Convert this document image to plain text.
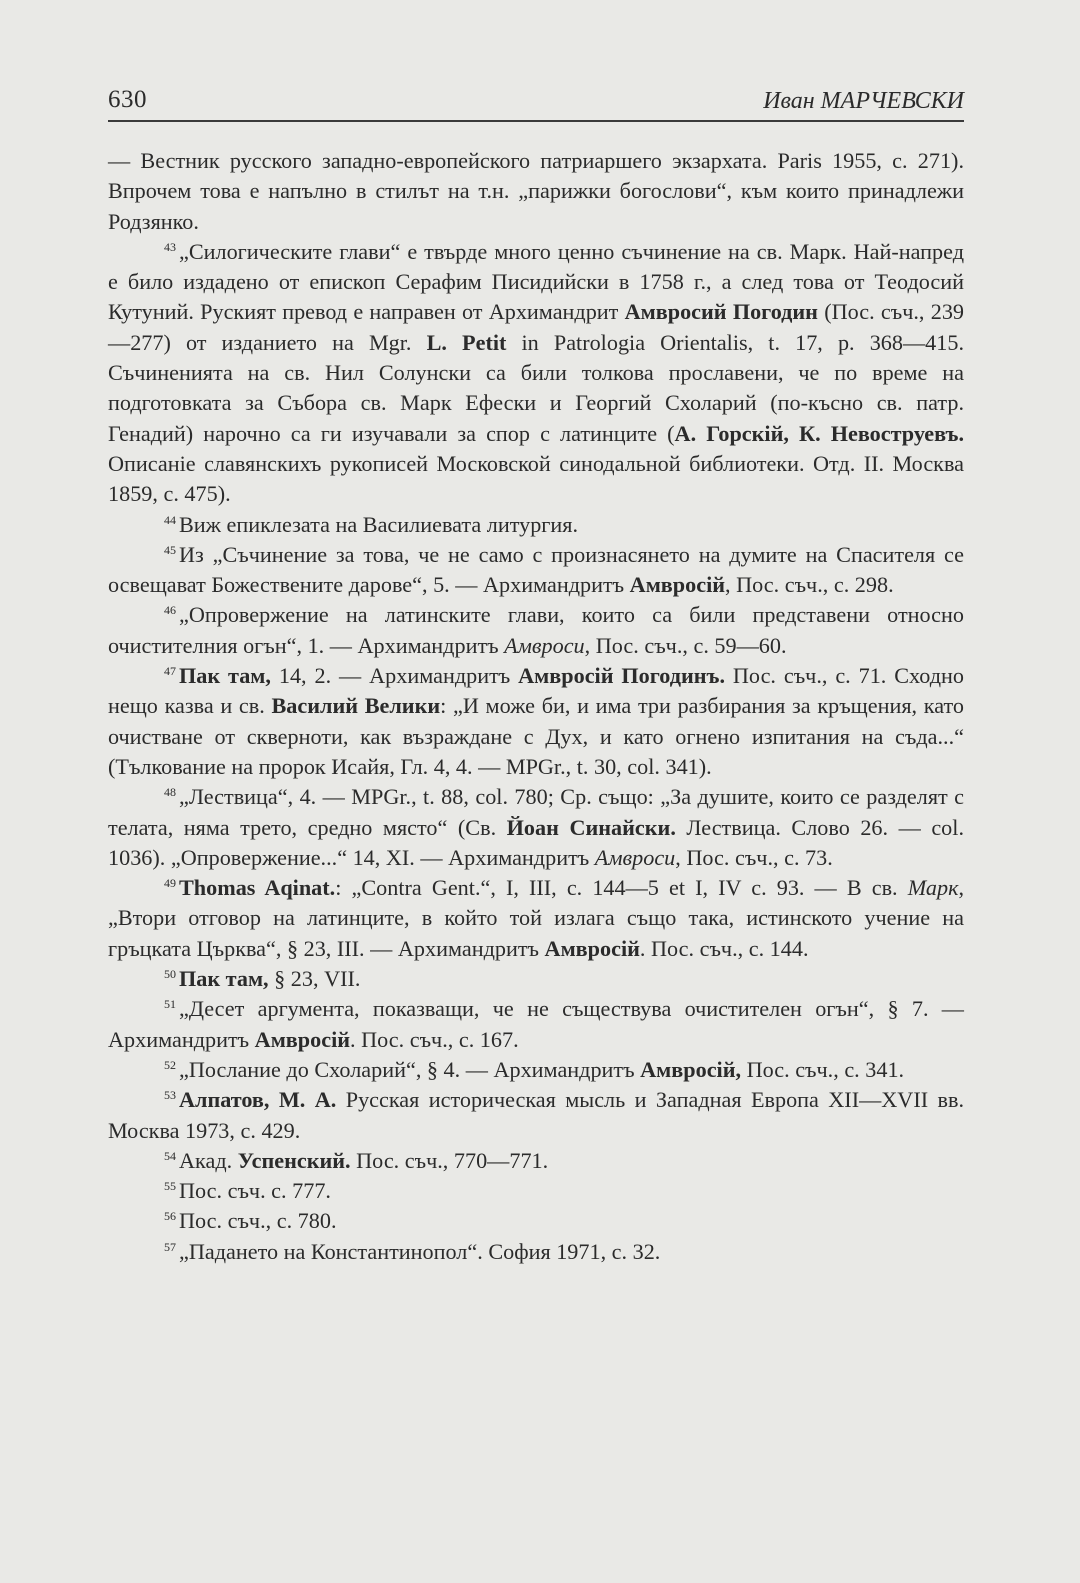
630	Иван МАРЧЕВСКИ

— Вестник русского западно-европейского патриаршего экзархата. Paris 1955, с. 271). Впрочем това е напълно в стилът на т.н. „парижки богослови“, към които принадлежи Родзянко.

$^{43}$ „Силогическите глави“ е твърде много ценно съчинение на св. Марк. Най-напред е било издадено от епископ Серафим Писидийски в 1758 г., а след това от Теодосий Кутуний. Руският превод е направен от Архимандрит Амвросий Погодин (Пос. съч., 239—277) от изданието на Mgr. L. Petit in Patrologia Orientalis, t. 17, p. 368—415. Съчиненията на св. Нил Солунски са били толкова прославени, че по време на подготовката за Събора св. Марк Ефески и Георгий Схоларий (по-късно св. патр. Генадий) нарочно са ги изучавали за спор с латинците (А. Горскiй, К. Невоструевъ. Описанiе славянскихъ рукописей Московской синодальной библиотеки. Отд. II. Москва 1859, с. 475).

$^{44}$ Виж епиклезата на Василиевата литургия.

$^{45}$ Из „Съчинение за това, че не само с произнасянето на думите на Спасителя се освещават Божествените дарове“, 5. — Архимандритъ Амвросiй, Пос. съч., с. 298.

$^{46}$ „Опровержение на латинските глави, които са били представени относно очистителния огън“, 1. — Архимандритъ Амвроси, Пос. съч., с. 59—60.

$^{47}$ Пак там, 14, 2. — Архимандритъ Амвросiй Погодинъ. Пос. съч., с. 71. Сходно нещо казва и св. Василий Велики: „И може би, и има три разбирания за кръщения, като очистване от скверноти, как възраждане с Дух, и като огнено изпитания на съда...“ (Тълкование на пророк Исайя, Гл. 4, 4. — MPGr., t. 30, col. 341).

$^{48}$ „Лествица“, 4. — MPGr., t. 88, col. 780; Ср. също: „За душите, които се разделят с телата, няма трето, средно място“ (Св. Йоан Синайски. Лествица. Слово 26. — col. 1036). „Опровержение...“ 14, XI. — Архимандритъ Амвроси, Пос. съч., с. 73.

$^{49}$ Thomas Aqinat.: „Contra Gent.“, I, III, c. 144—5 et I, IV c. 93. — В св. Марк, „Втори отговор на латинците, в който той излага също така, истинското учение на гръцката Църква“, § 23, III. — Архимандритъ Амвросiй. Пос. съч., с. 144.

$^{50}$ Пак там, § 23, VII.

$^{51}$ „Десет аргумента, показващи, че не съществува очистителен огън“, § 7. — Архимандритъ Амвросiй. Пос. съч., с. 167.

$^{52}$ „Послание до Схоларий“, § 4. — Архимандритъ Амвросiй, Пос. съч., с. 341.

$^{53}$ Алпатов, М. А. Русская историческая мысль и Западная Европа XII—XVII вв. Москва 1973, с. 429.

$^{54}$ Акад. Успенский. Пос. съч., 770—771.

$^{55}$ Пос. съч. с. 777.

$^{56}$ Пос. съч., с. 780.

$^{57}$ „Падането на Константинопол“. София 1971, с. 32.
